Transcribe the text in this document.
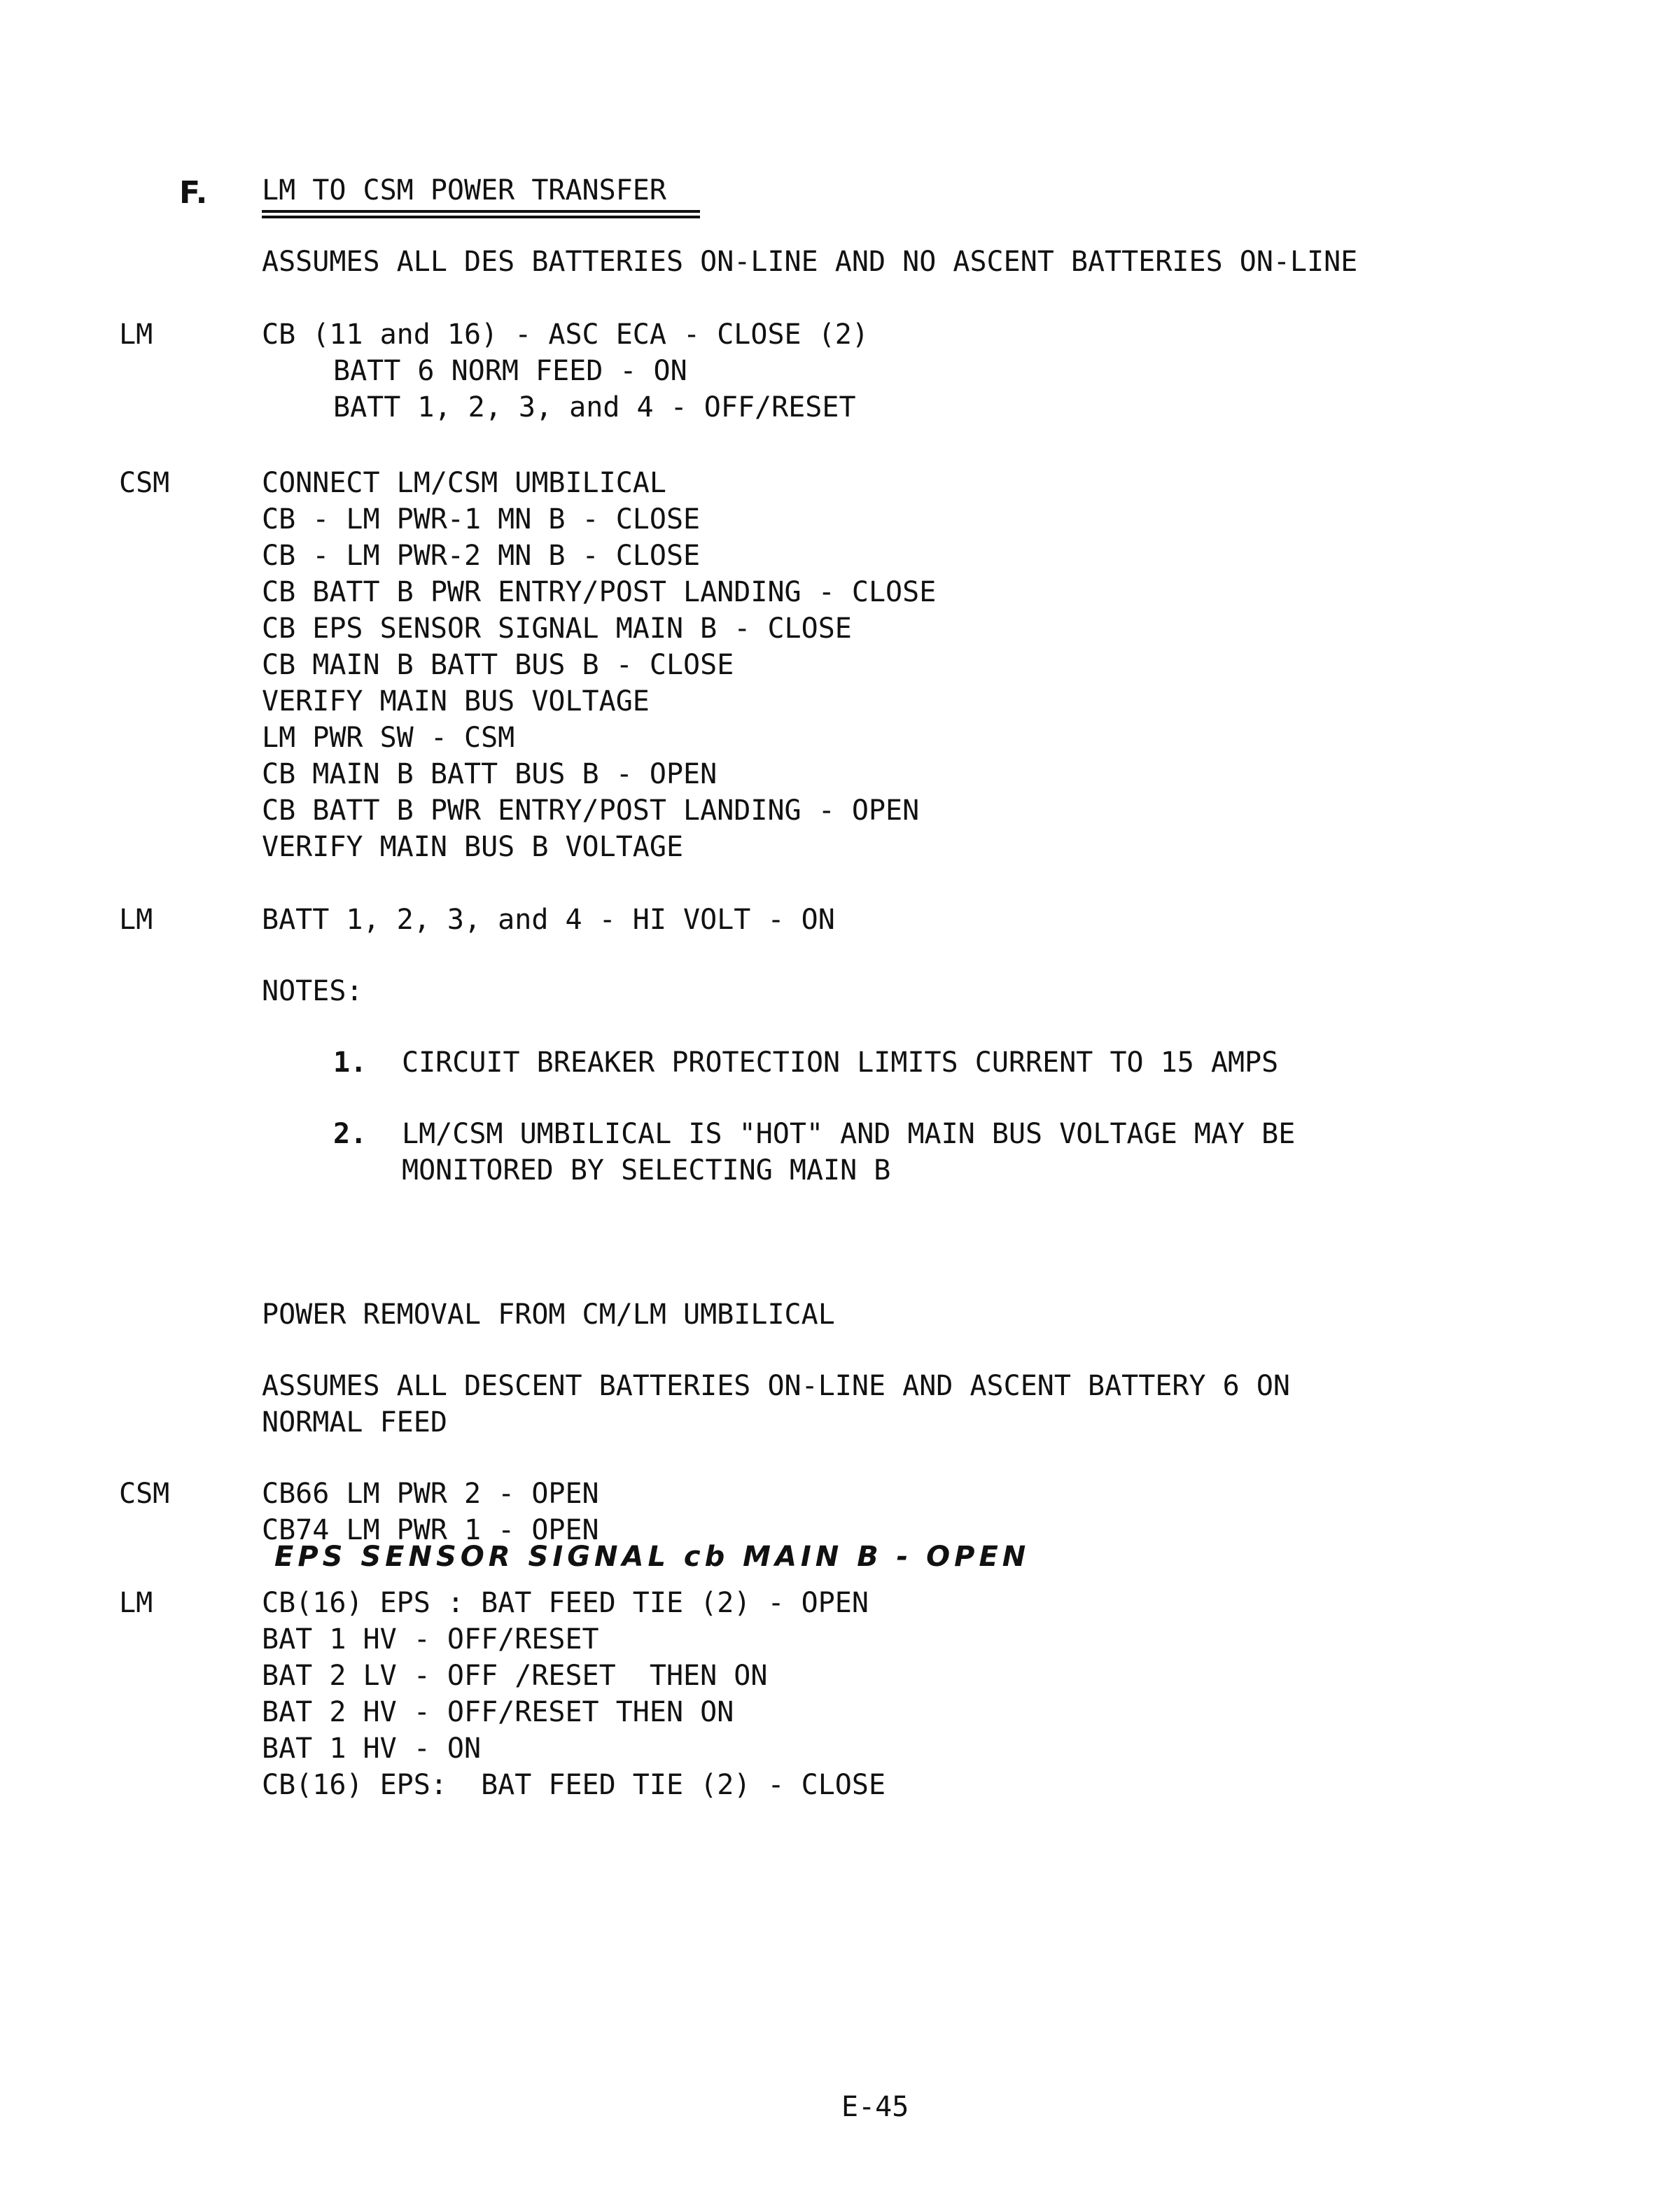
F. LM TO CSM POWER TRANSFER
ASSUMES ALL DES BATTERIES ON-LINE AND NO ASCENT BATTERIES ON-LINE
LM	CB (11 and 16) - ASC ECA - CLOSE (2)
BATT 6 NORM FEED - ON
BATT 1, 2, 3, and 4 - OFF/RESET
CSM	CONNECT LM/CSM UMBILICAL
CB - LM PWR-1 MN B - CLOSE
CB - LM PWR-2 MN B - CLOSE
CB BATT B PWR ENTRY/POST LANDING - CLOSE
CB EPS SENSOR SIGNAL MAIN B - CLOSE
CB MAIN B BATT BUS B - CLOSE
VERIFY MAIN BUS VOLTAGE
LM PWR SW - CSM
CB MAIN B BATT BUS B - OPEN
CB BATT B PWR ENTRY/POST LANDING - OPEN
VERIFY MAIN BUS B VOLTAGE
LM	BATT 1, 2, 3, and 4 - HI VOLT - ON
NOTES:
1. CIRCUIT BREAKER PROTECTION LIMITS CURRENT TO 15 AMPS
2. LM/CSM UMBILICAL IS "HOT" AND MAIN BUS VOLTAGE MAY BE
MONITORED BY SELECTING MAIN B
POWER REMOVAL FROM CM/LM UMBILICAL
ASSUMES ALL DESCENT BATTERIES ON-LINE AND ASCENT BATTERY 6 ON
NORMAL FEED
CSM	CB66 LM PWR 2 - OPEN
CB74 LM PWR 1 - OPEN
EPS SENSOR SIGNAL cb MAIN B - OPEN
LM	CB(16) EPS : BAT FEED TIE (2) - OPEN
BAT 1 HV - OFF/RESET
BAT 2 LV - OFF /RESET  THEN ON
BAT 2 HV - OFF/RESET THEN ON
BAT 1 HV - ON
CB(16) EPS:  BAT FEED TIE (2) - CLOSE
E-45
